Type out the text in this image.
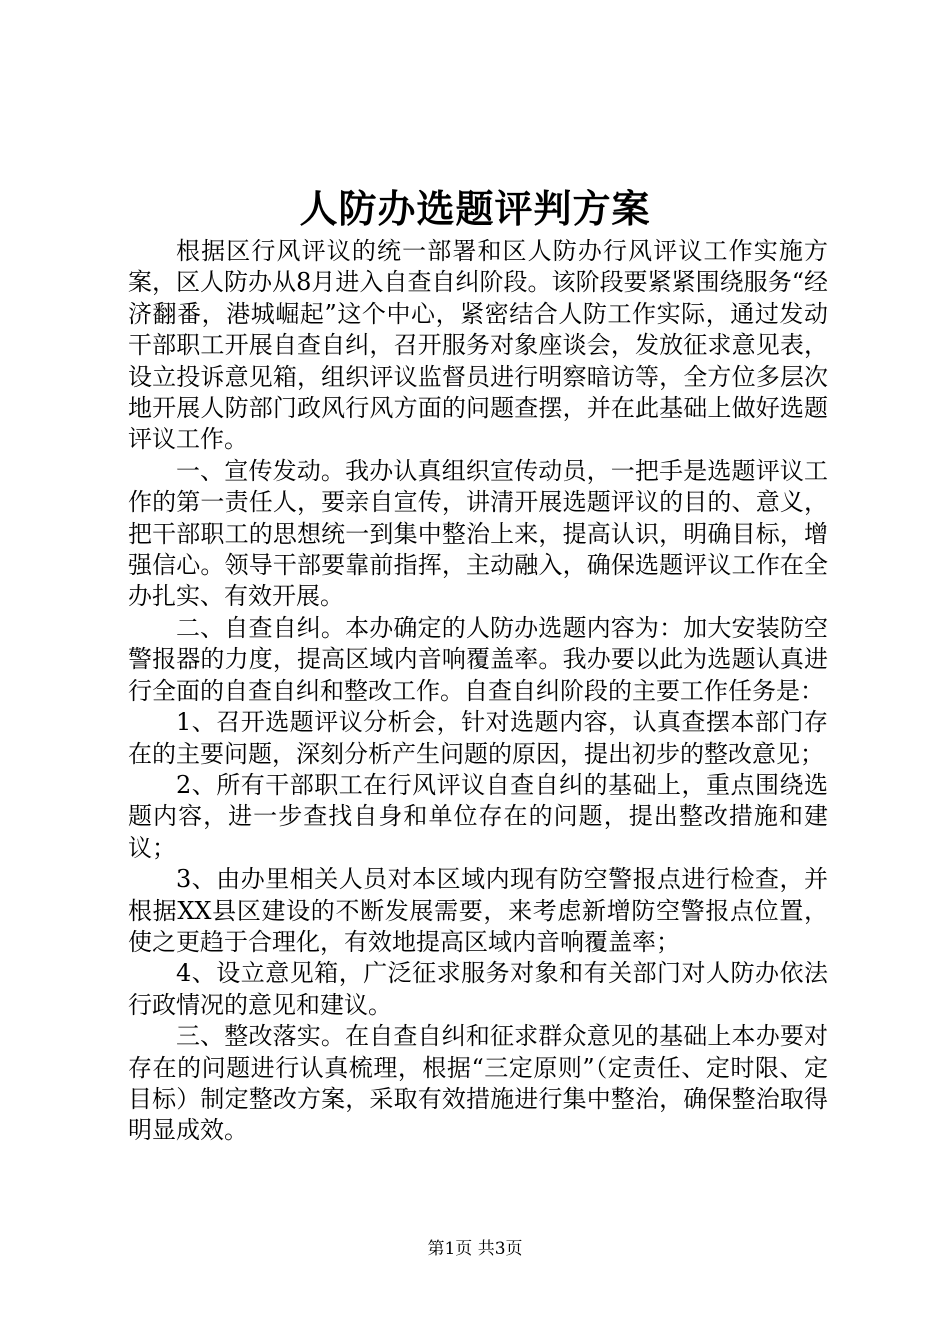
人防办选题评判方案

根据区行风评议的统一部署和区人防办行风评议工作实施方案，区人防办从8月进入自查自纠阶段。该阶段要紧紧围绕服务“经济翻番，港城崛起”这个中心，紧密结合人防工作实际，通过发动干部职工开展自查自纠，召开服务对象座谈会，发放征求意见表，设立投诉意见箱，组织评议监督员进行明察暗访等，全方位多层次地开展人防部门政风行风方面的问题查摆，并在此基础上做好选题评议工作。

一、宣传发动。我办认真组织宣传动员，一把手是选题评议工作的第一责任人，要亲自宣传，讲清开展选题评议的目的、意义，把干部职工的思想统一到集中整治上来，提高认识，明确目标，增强信心。领导干部要靠前指挥，主动融入，确保选题评议工作在全办扎实、有效开展。

二、自查自纠。本办确定的人防办选题内容为：加大安装防空警报器的力度，提高区域内音响覆盖率。我办要以此为选题认真进行全面的自查自纠和整改工作。自查自纠阶段的主要工作任务是：

1、召开选题评议分析会，针对选题内容，认真查摆本部门存在的主要问题，深刻分析产生问题的原因，提出初步的整改意见；

2、所有干部职工在行风评议自查自纠的基础上，重点围绕选题内容，进一步查找自身和单位存在的问题，提出整改措施和建议；

3、由办里相关人员对本区域内现有防空警报点进行检查，并根据XX县区建设的不断发展需要，来考虑新增防空警报点位置，使之更趋于合理化，有效地提高区域内音响覆盖率；

4、设立意见箱，广泛征求服务对象和有关部门对人防办依法行政情况的意见和建议。

三、整改落实。在自查自纠和征求群众意见的基础上本办要对存在的问题进行认真梳理，根据“三定原则”（定责任、定时限、定目标）制定整改方案，采取有效措施进行集中整治，确保整治取得明显成效。

第1页 共3页
